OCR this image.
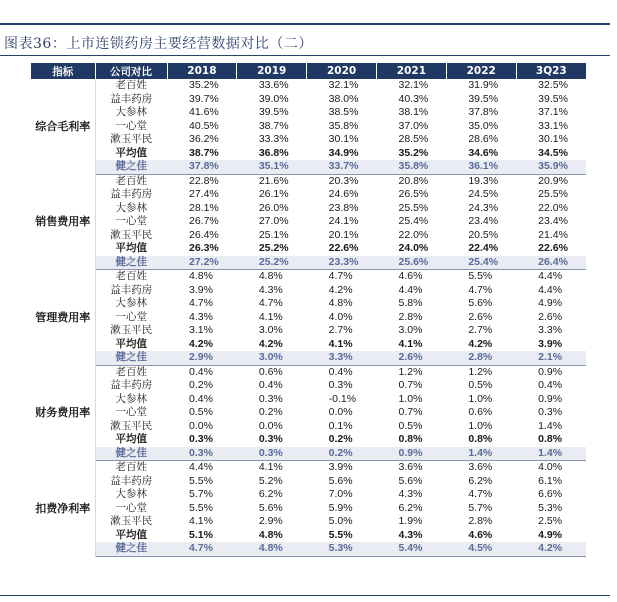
图表36：上市连锁药房主要经营数据对比（二）
指标	公司对比	2018	2019	2020	2021	2022	3Q23
综合毛利率	老百姓	35.2%	33.6%	32.1%	32.1%	31.9%	32.5%
	益丰药房	39.7%	39.0%	38.0%	40.3%	39.5%	39.5%
	大参林	41.6%	39.5%	38.5%	38.1%	37.8%	37.1%
	一心堂	40.5%	38.7%	35.8%	37.0%	35.0%	33.1%
	漱玉平民	36.2%	33.3%	30.1%	28.5%	28.6%	30.1%
	平均值	38.7%	36.8%	34.9%	35.2%	34.6%	34.5%
	健之佳	37.8%	35.1%	33.7%	35.8%	36.1%	35.9%
销售费用率	老百姓	22.8%	21.6%	20.3%	20.8%	19.3%	20.9%
	益丰药房	27.4%	26.1%	24.6%	26.5%	24.5%	25.5%
	大参林	28.1%	26.0%	23.8%	25.5%	24.3%	22.0%
	一心堂	26.7%	27.0%	24.1%	25.4%	23.4%	23.4%
	漱玉平民	26.4%	25.1%	20.1%	22.0%	20.5%	21.4%
	平均值	26.3%	25.2%	22.6%	24.0%	22.4%	22.6%
	健之佳	27.2%	25.2%	23.3%	25.6%	25.4%	26.4%
管理费用率	老百姓	4.8%	4.8%	4.7%	4.6%	5.5%	4.4%
	益丰药房	3.9%	4.3%	4.2%	4.4%	4.7%	4.4%
	大参林	4.7%	4.7%	4.8%	5.8%	5.6%	4.9%
	一心堂	4.3%	4.1%	4.0%	2.8%	2.6%	2.6%
	漱玉平民	3.1%	3.0%	2.7%	3.0%	2.7%	3.3%
	平均值	4.2%	4.2%	4.1%	4.1%	4.2%	3.9%
	健之佳	2.9%	3.0%	3.3%	2.6%	2.8%	2.1%
财务费用率	老百姓	0.4%	0.6%	0.4%	1.2%	1.2%	0.9%
	益丰药房	0.2%	0.4%	0.3%	0.7%	0.5%	0.4%
	大参林	0.4%	0.3%	-0.1%	1.0%	1.0%	0.9%
	一心堂	0.5%	0.2%	0.0%	0.7%	0.6%	0.3%
	漱玉平民	0.0%	0.0%	0.1%	0.5%	1.0%	1.4%
	平均值	0.3%	0.3%	0.2%	0.8%	0.8%	0.8%
	健之佳	0.3%	0.3%	0.2%	0.9%	1.4%	1.4%
扣费净利率	老百姓	4.4%	4.1%	3.9%	3.6%	3.6%	4.0%
	益丰药房	5.5%	5.2%	5.6%	5.6%	6.2%	6.1%
	大参林	5.7%	6.2%	7.0%	4.3%	4.7%	6.6%
	一心堂	5.5%	5.6%	5.9%	6.2%	5.7%	5.3%
	漱玉平民	4.1%	2.9%	5.0%	1.9%	2.8%	2.5%
	平均值	5.1%	4.8%	5.5%	4.3%	4.6%	4.9%
	健之佳	4.7%	4.8%	5.3%	5.4%	4.5%	4.2%
